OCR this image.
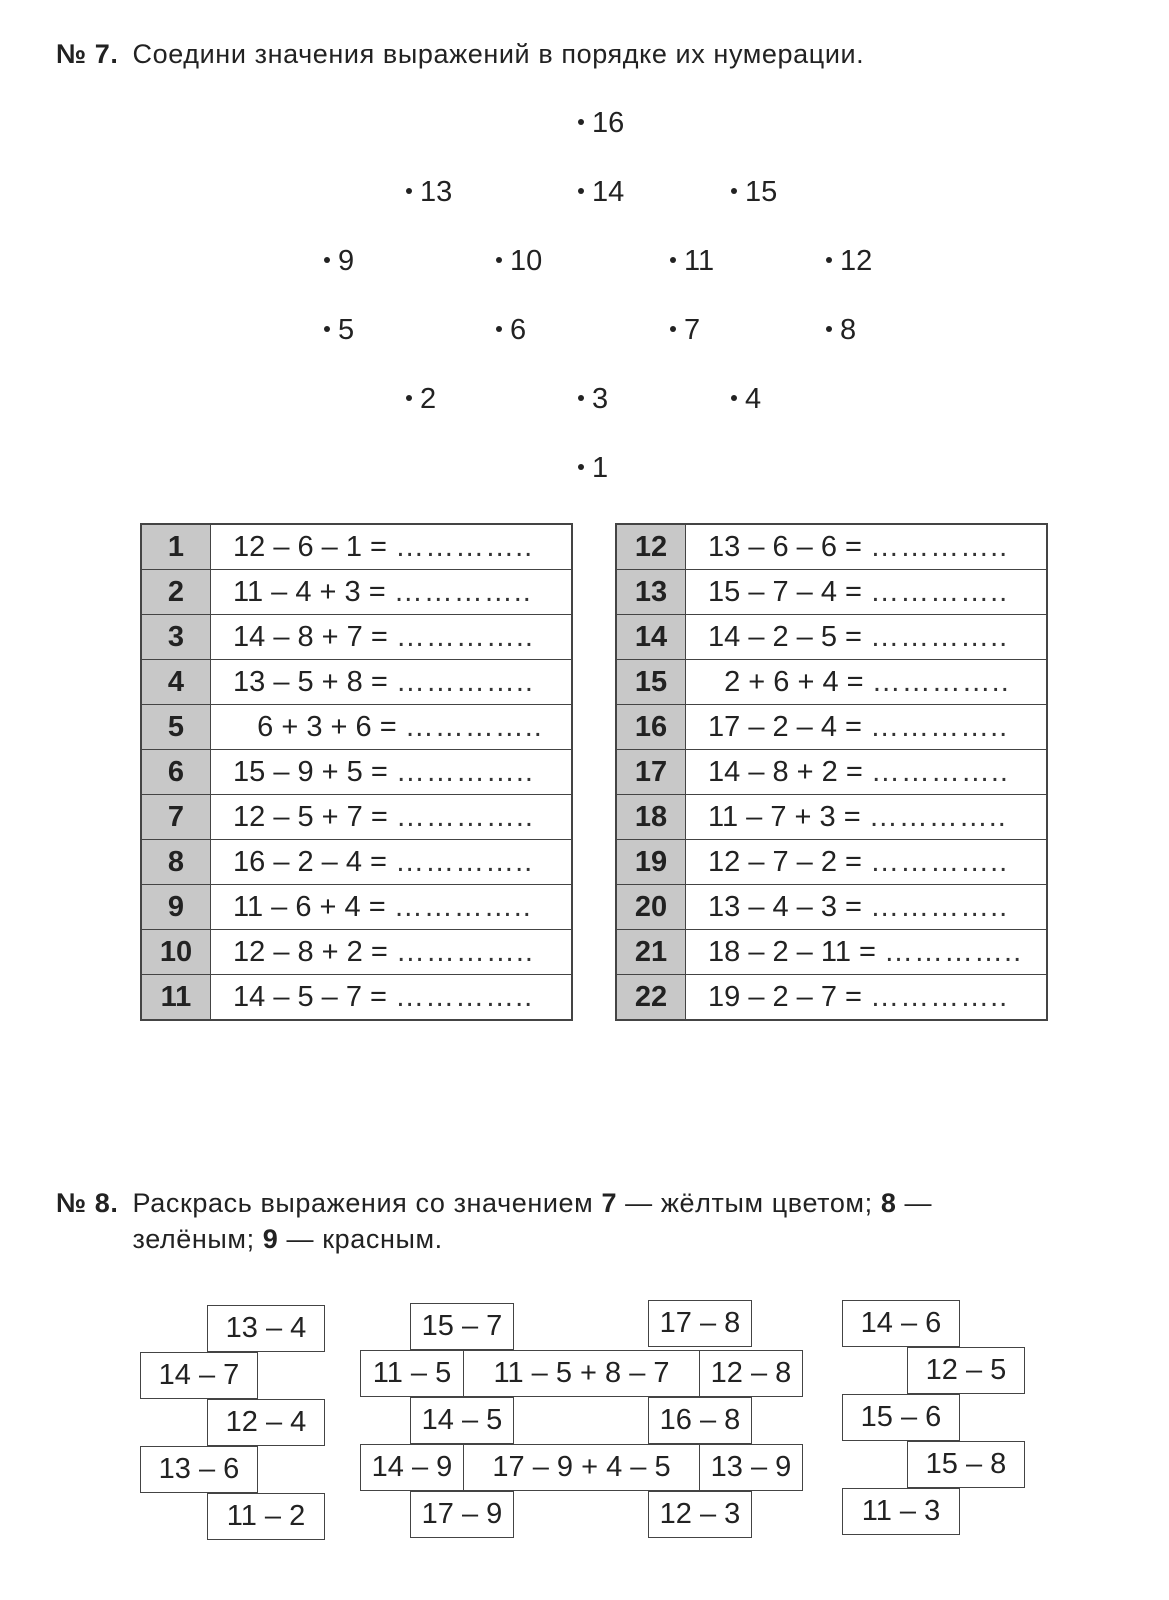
№ 7. Соедини значения выражений в порядке их нумерации.
16
13	14	15
9	10	11	12
5	6	7	8
2	3	4
1
1	12 – 6 – 1 = …………..
2	11 – 4 + 3 = …………..
3	14 – 8 + 7 = …………..
4	13 – 5 + 8 = …………..
5	6 + 3 + 6 = …………..
6	15 – 9 + 5 = …………..
7	12 – 5 + 7 = …………..
8	16 – 2 – 4 = …………..
9	11 – 6 + 4 = …………..
10	12 – 8 + 2 = …………..
11	14 – 5 – 7 = …………..
12	13 – 6 – 6 = …………..
13	15 – 7 – 4 = …………..
14	14 – 2 – 5 = …………..
15	2 + 6 + 4 = …………..
16	17 – 2 – 4 = …………..
17	14 – 8 + 2 = …………..
18	11 – 7 + 3 = …………..
19	12 – 7 – 2 = …………..
20	13 – 4 – 3 = …………..
21	18 – 2 – 11 = …………..
22	19 – 2 – 7 = …………..
№ 8. Раскрась выражения со значением 7 — жёлтым цветом; 8 —
зелёным; 9 — красным.
13 – 4
14 – 7
12 – 4
13 – 6
11 – 2
15 – 7	17 – 8
11 – 5	11 – 5 + 8 – 7	12 – 8
14 – 5	16 – 8
14 – 9	17 – 9 + 4 – 5	13 – 9
17 – 9	12 – 3
14 – 6
12 – 5
15 – 6
15 – 8
11 – 3
